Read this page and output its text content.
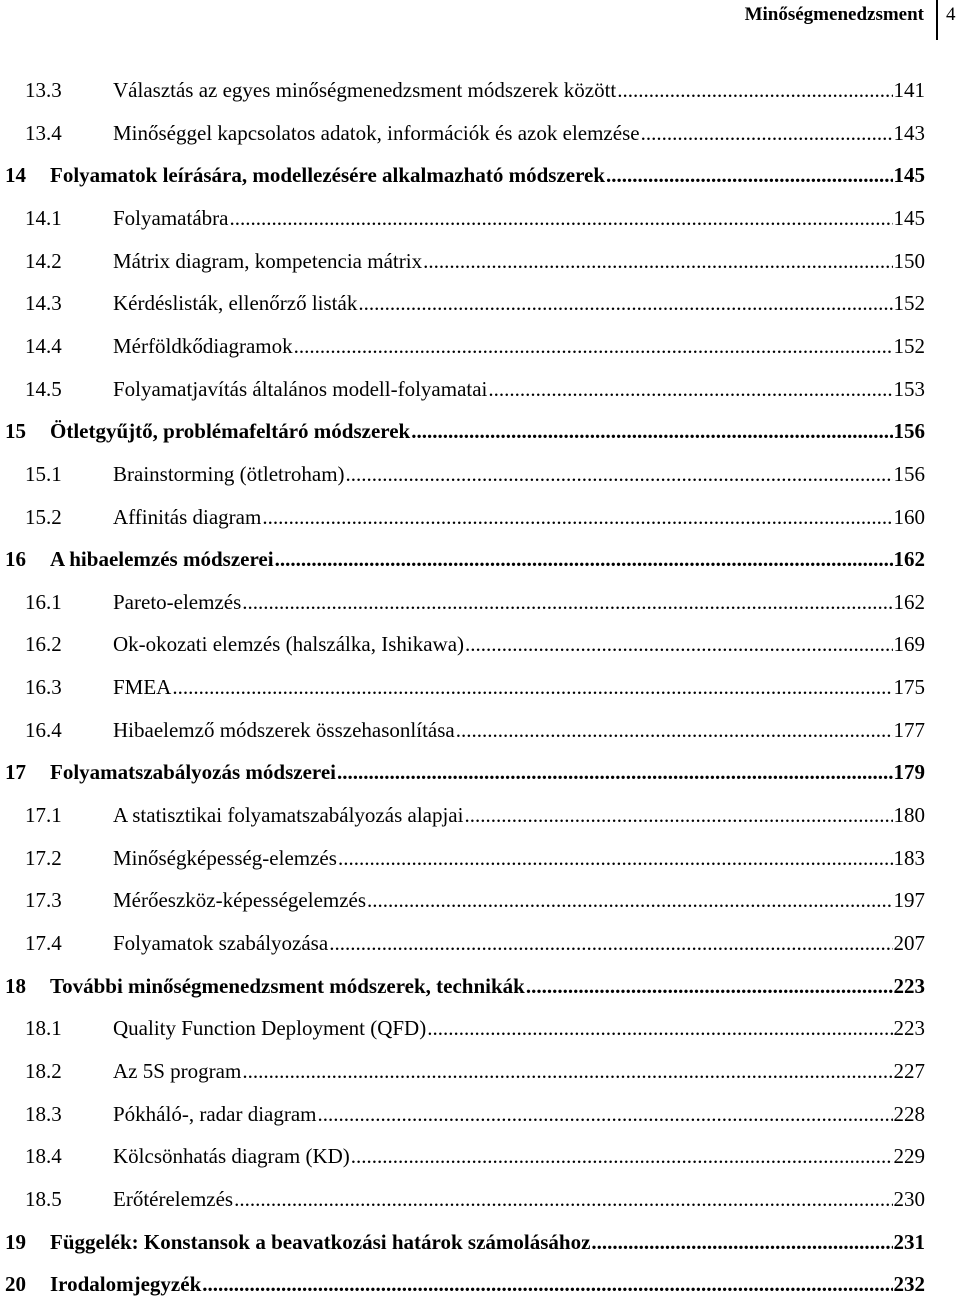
Minőségmenedzsment 4
13.3	Választás az egyes minőségmenedzsment módszerek között .....	141
13.4	Minőséggel kapcsolatos adatok, információk és azok elemzése .....	143
14	Folyamatok leírására, modellezésére alkalmazható módszerek .....	145
14.1	Folyamatábra .....	145
14.2	Mátrix diagram, kompetencia mátrix .....	150
14.3	Kérdéslisták, ellenőrző listák .....	152
14.4	Mérföldkődiagramok .....	152
14.5	Folyamatjavítás általános modell-folyamatai .....	153
15	Ötletgyűjtő, problémafeltáró módszerek .....	156
15.1	Brainstorming (ötletroham) .....	156
15.2	Affinitás diagram .....	160
16	A hibaelemzés módszerei .....	162
16.1	Pareto-elemzés .....	162
16.2	Ok-okozati elemzés (halszálka, Ishikawa) .....	169
16.3	FMEA .....	175
16.4	Hibaelemző módszerek összehasonlítása .....	177
17	Folyamatszabályozás módszerei .....	179
17.1	A statisztikai folyamatszabályozás alapjai .....	180
17.2	Minőségképesség-elemzés .....	183
17.3	Mérőeszköz-képességelemzés .....	197
17.4	Folyamatok szabályozása .....	207
18	További minőségmenedzsment módszerek, technikák .....	223
18.1	Quality Function Deployment (QFD) .....	223
18.2	Az 5S program .....	227
18.3	Pókháló-, radar diagram .....	228
18.4	Kölcsönhatás diagram (KD) .....	229
18.5	Erőtérelemzés .....	230
19	Függelék: Konstansok a beavatkozási határok számolásához .....	231
20	Irodalomjegyzék .....	232
